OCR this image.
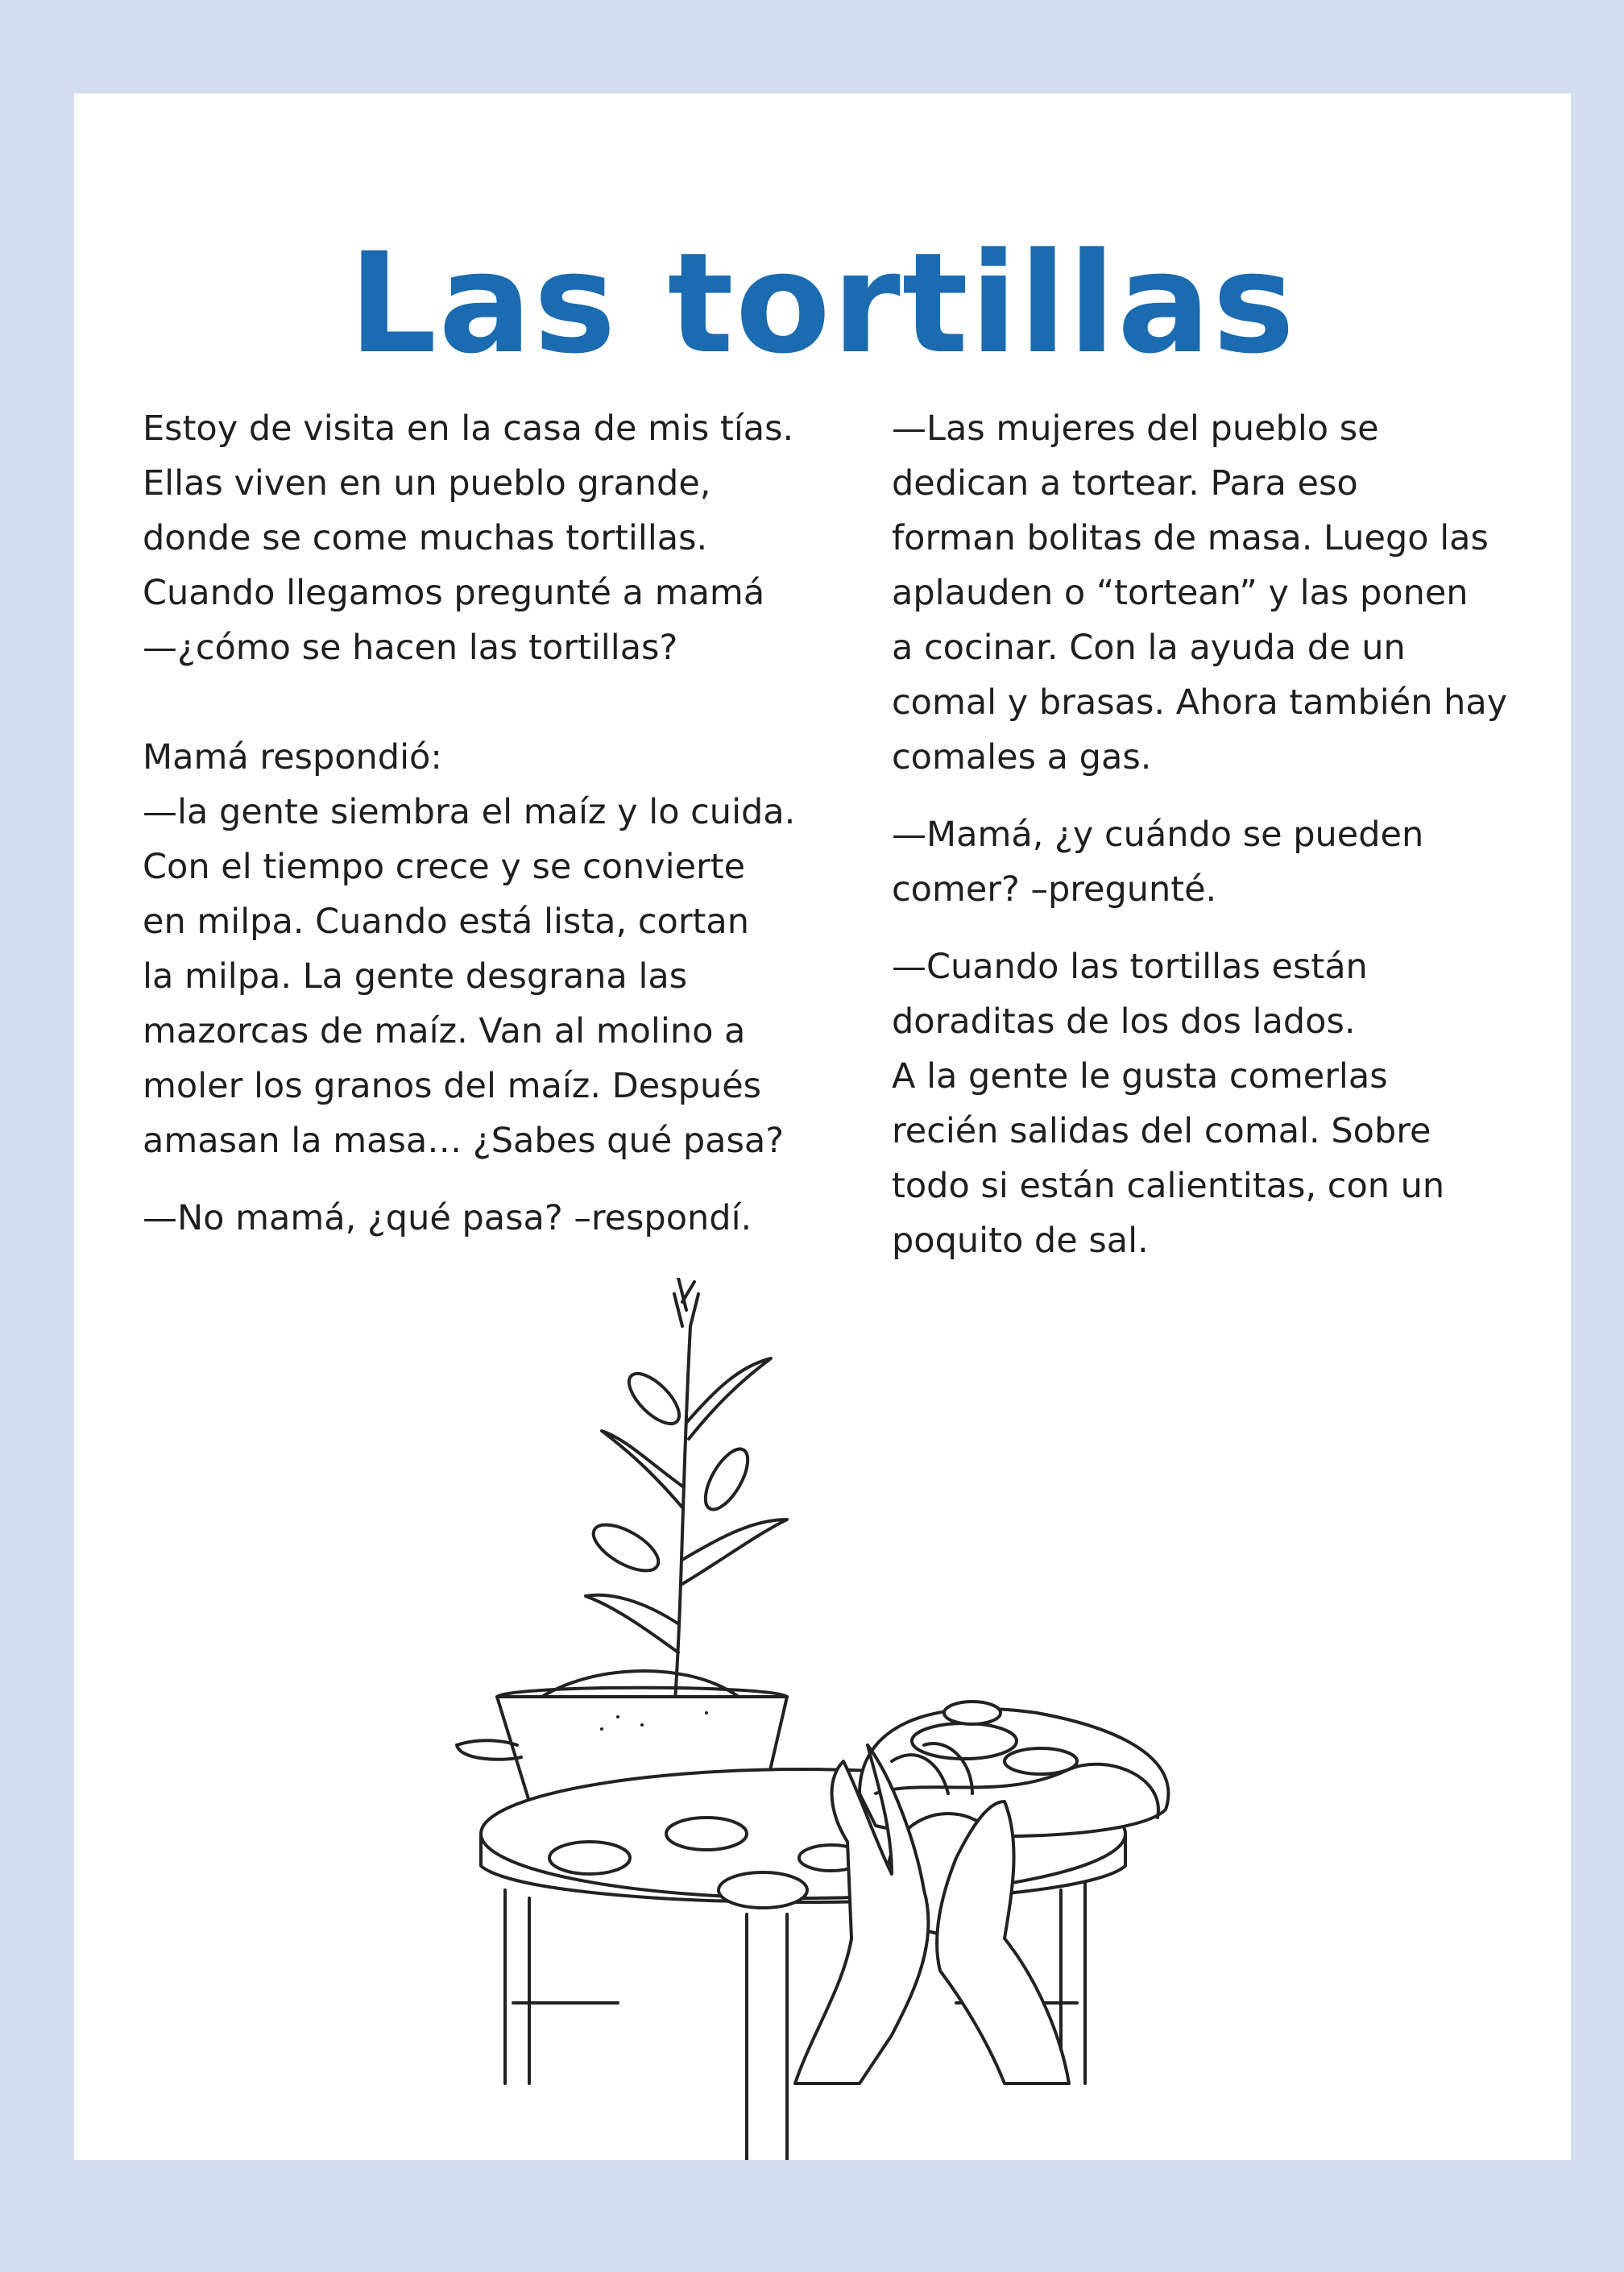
Las tortillas

Estoy de visita en la casa de mis tías.
Ellas viven en un pueblo grande,
donde se come muchas tortillas.
Cuando llegamos pregunté a mamá
—¿cómo se hacen las tortillas?

Mamá respondió:
—la gente siembra el maíz y lo cuida.
Con el tiempo crece y se convierte
en milpa. Cuando está lista, cortan
la milpa. La gente desgrana las
mazorcas de maíz. Van al molino a
moler los granos del maíz. Después
amasan la masa… ¿Sabes qué pasa?

—No mamá, ¿qué pasa? –respondí.

—Las mujeres del pueblo se
dedican a tortear. Para eso
forman bolitas de masa. Luego las
aplauden o “tortean” y las ponen
a cocinar. Con la ayuda de un
comal y brasas. Ahora también hay
comales a gas.

—Mamá, ¿y cuándo se pueden
comer? –pregunté.

—Cuando las tortillas están
doraditas de los dos lados.
A la gente le gusta comerlas
recién salidas del comal. Sobre
todo si están calientitas, con un
poquito de sal.
